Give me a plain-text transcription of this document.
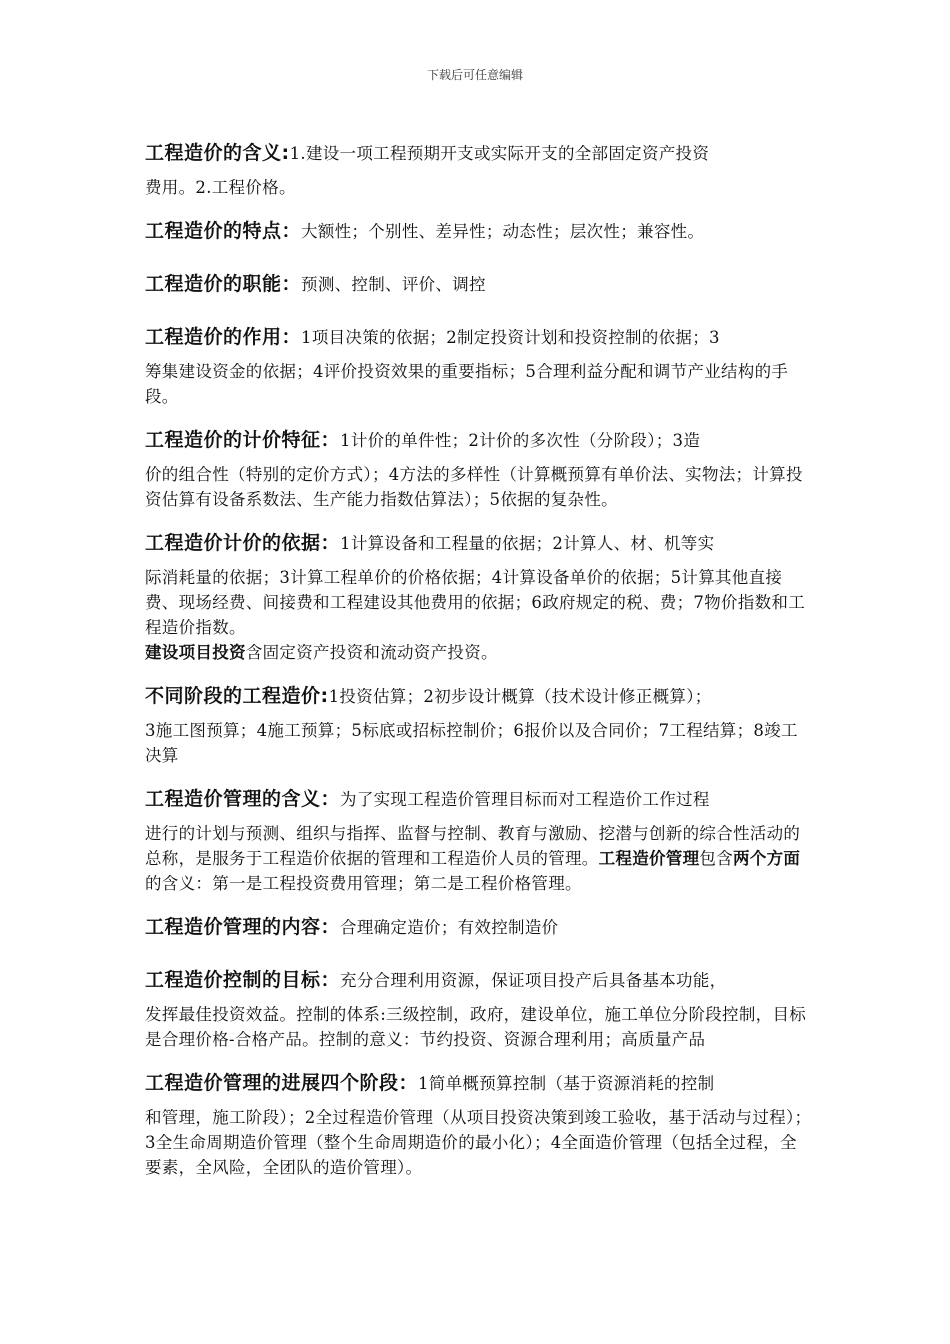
下载后可任意编辑

工程造价的含义:1.建设一项工程预期开支或实际开支的全部固定资产投资
费用。2.工程价格。

工程造价的特点：大额性；个别性、差异性；动态性；层次性；兼容性。

工程造价的职能：预测、控制、评价、调控

工程造价的作用：1项目决策的依据；2制定投资计划和投资控制的依据；3
筹集建设资金的依据；4评价投资效果的重要指标；5合理利益分配和调节产业结构的手段。

工程造价的计价特征：1计价的单件性；2计价的多次性（分阶段）；3造
价的组合性（特别的定价方式）；4方法的多样性（计算概预算有单价法、实物法；计算投资估算有设备系数法、生产能力指数估算法）；5依据的复杂性。

工程造价计价的依据：1计算设备和工程量的依据；2计算人、材、机等实
际消耗量的依据；3计算工程单价的价格依据；4计算设备单价的依据；5计算其他直接费、现场经费、间接费和工程建设其他费用的依据；6政府规定的税、费；7物价指数和工程造价指数。

建设项目投资含固定资产投资和流动资产投资。

不同阶段的工程造价:1投资估算；2初步设计概算（技术设计修正概算）；
3施工图预算；4施工预算；5标底或招标控制价；6报价以及合同价；7工程结算；8竣工决算

工程造价管理的含义：为了实现工程造价管理目标而对工程造价工作过程
进行的计划与预测、组织与指挥、监督与控制、教育与激励、挖潜与创新的综合性活动的总称，是服务于工程造价依据的管理和工程造价人员的管理。工程造价管理包含两个方面的含义：第一是工程投资费用管理；第二是工程价格管理。

工程造价管理的内容：合理确定造价；有效控制造价

工程造价控制的目标：充分合理利用资源，保证项目投产后具备基本功能，
发挥最佳投资效益。控制的体系:三级控制，政府，建设单位，施工单位分阶段控制，目标是合理价格-合格产品。控制的意义：节约投资、资源合理利用；高质量产品

工程造价管理的进展四个阶段：1简单概预算控制（基于资源消耗的控制
和管理，施工阶段）；2全过程造价管理（从项目投资决策到竣工验收，基于活动与过程）；3全生命周期造价管理（整个生命周期造价的最小化）；4全面造价管理（包括全过程，全要素，全风险，全团队的造价管理）。
